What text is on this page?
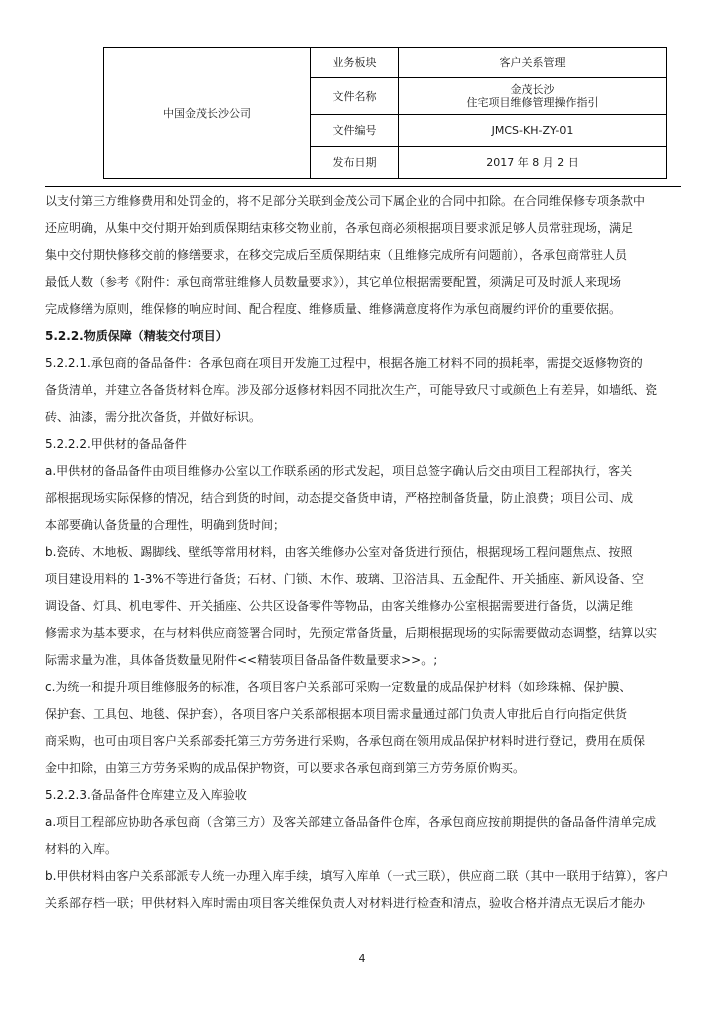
中国金茂长沙公司	业务板块	客户关系管理
	文件名称	金茂长沙
住宅项目维修管理操作指引

	文件编号	JMCS-KH-ZY-01
	发布日期	2017 年 8 月 2 日

以支付第三方维修费用和处罚金的，将不足部分关联到金茂公司下属企业的合同中扣除。在合同维保修专项条款中

还应明确，从集中交付期开始到质保期结束移交物业前，各承包商必须根据项目要求派足够人员常驻现场，满足

集中交付期快修移交前的修缮要求，在移交完成后至质保期结束（且维修完成所有问题前），各承包商常驻人员

最低人数（参考《附件：承包商常驻维修人员数量要求》），其它单位根据需要配置，须满足可及时派人来现场

完成修缮为原则，维保修的响应时间、配合程度、维修质量、维修满意度将作为承包商履约评价的重要依据。

5.2.2.物质保障（精装交付项目）

5.2.2.1.承包商的备品备件：各承包商在项目开发施工过程中，根据各施工材料不同的损耗率，需提交返修物资的

备货清单，并建立各备货材料仓库。涉及部分返修材料因不同批次生产，可能导致尺寸或颜色上有差异，如墙纸、瓷

砖、油漆，需分批次备货，并做好标识。

5.2.2.2.甲供材的备品备件

a.甲供材的备品备件由项目维修办公室以工作联系函的形式发起，项目总签字确认后交由项目工程部执行，客关

部根据现场实际保修的情况，结合到货的时间，动态提交备货申请，严格控制备货量，防止浪费；项目公司、成

本部要确认备货量的合理性，明确到货时间；

b.瓷砖、木地板、踢脚线、壁纸等常用材料，由客关维修办公室对备货进行预估，根据现场工程问题焦点、按照

项目建设用料的 1-3%不等进行备货；石材、门锁、木作、玻璃、卫浴洁具、五金配件、开关插座、新风设备、空

调设备、灯具、机电零件、开关插座、公共区设备零件等物品，由客关维修办公室根据需要进行备货，以满足维

修需求为基本要求，在与材料供应商签署合同时，先预定常备货量，后期根据现场的实际需要做动态调整，结算以实

际需求量为准，具体备货数量见附件<<精装项目备品备件数量要求>>。;

c.为统一和提升项目维修服务的标准，各项目客户关系部可采购一定数量的成品保护材料（如珍珠棉、保护膜、

保护套、工具包、地毯、保护套），各项目客户关系部根据本项目需求量通过部门负责人审批后自行向指定供货

商采购，也可由项目客户关系部委托第三方劳务进行采购，各承包商在领用成品保护材料时进行登记，费用在质保

金中扣除，由第三方劳务采购的成品保护物资，可以要求各承包商到第三方劳务原价购买。

5.2.2.3.备品备件仓库建立及入库验收

a.项目工程部应协助各承包商（含第三方）及客关部建立备品备件仓库，各承包商应按前期提供的备品备件清单完成

材料的入库。

b.甲供材料由客户关系部派专人统一办理入库手续，填写入库单（一式三联），供应商二联（其中一联用于结算），客户

关系部存档一联；甲供材料入库时需由项目客关维保负责人对材料进行检查和清点，验收合格并清点无误后才能办

4
